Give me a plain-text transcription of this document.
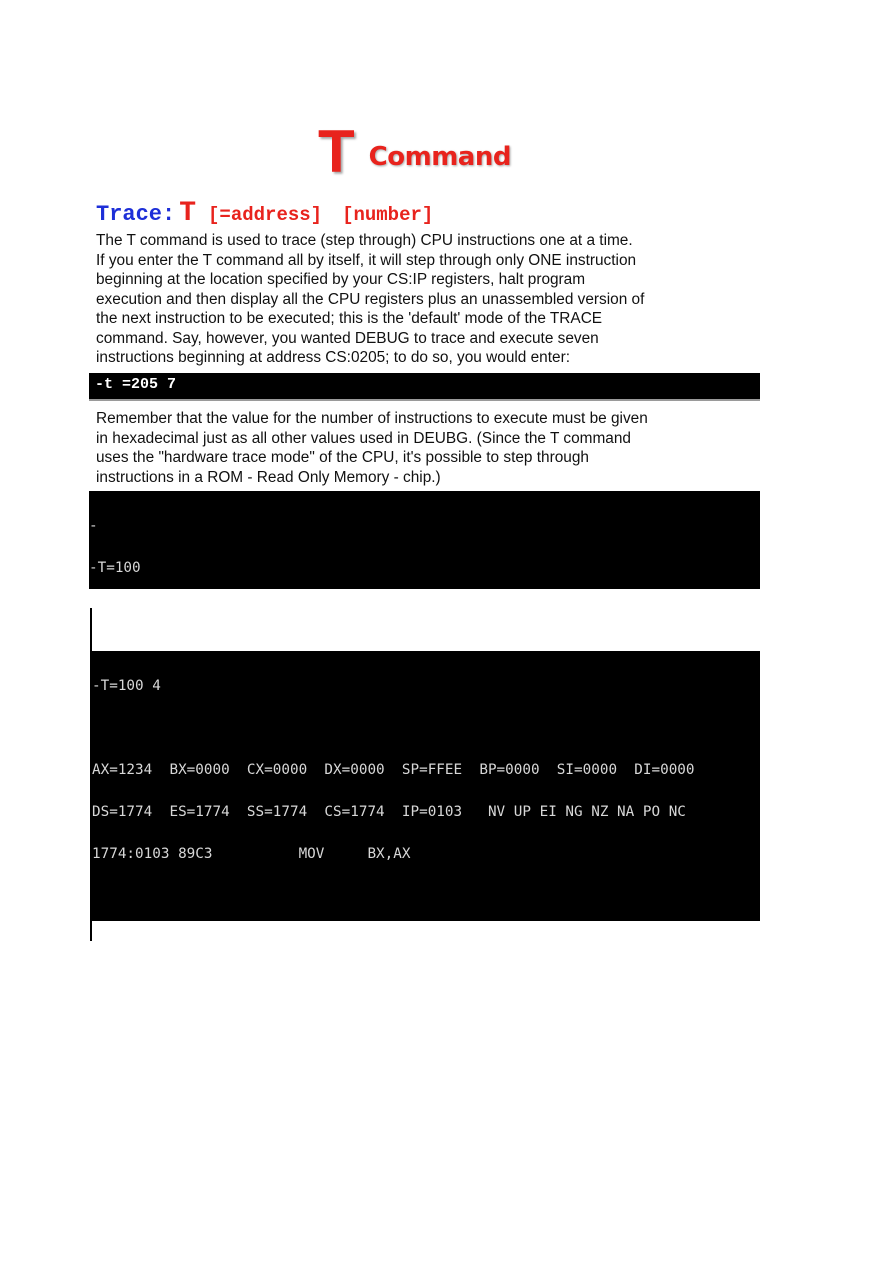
T Command
Trace: T [=address] [number]

The T command is used to trace (step through) CPU instructions one at a time.
If you enter the T command all by itself, it will step through only ONE instruction
beginning at the location specified by your CS:IP registers, halt program
execution and then display all the CPU registers plus an unassembled version of
the next instruction to be executed; this is the 'default' mode of the TRACE
command. Say, however, you wanted DEBUG to trace and execute seven
instructions beginning at address CS:0205; to do so, you would enter:

-t =205 7

Remember that the value for the number of instructions to execute must be given
in hexadecimal just as all other values used in DEUBG. (Since the T command
uses the "hardware trace mode" of the CPU, it's possible to step through
instructions in a ROM - Read Only Memory - chip.)

-

-T=100

-T=100 4

AX=1234  BX=0000  CX=0000  DX=0000  SP=FFEE  BP=0000  SI=0000  DI=0000

DS=1774  ES=1774  SS=1774  CS=1774  IP=0103   NV UP EI NG NZ NA PO NC

1774:0103 89C3          MOV     BX,AX
